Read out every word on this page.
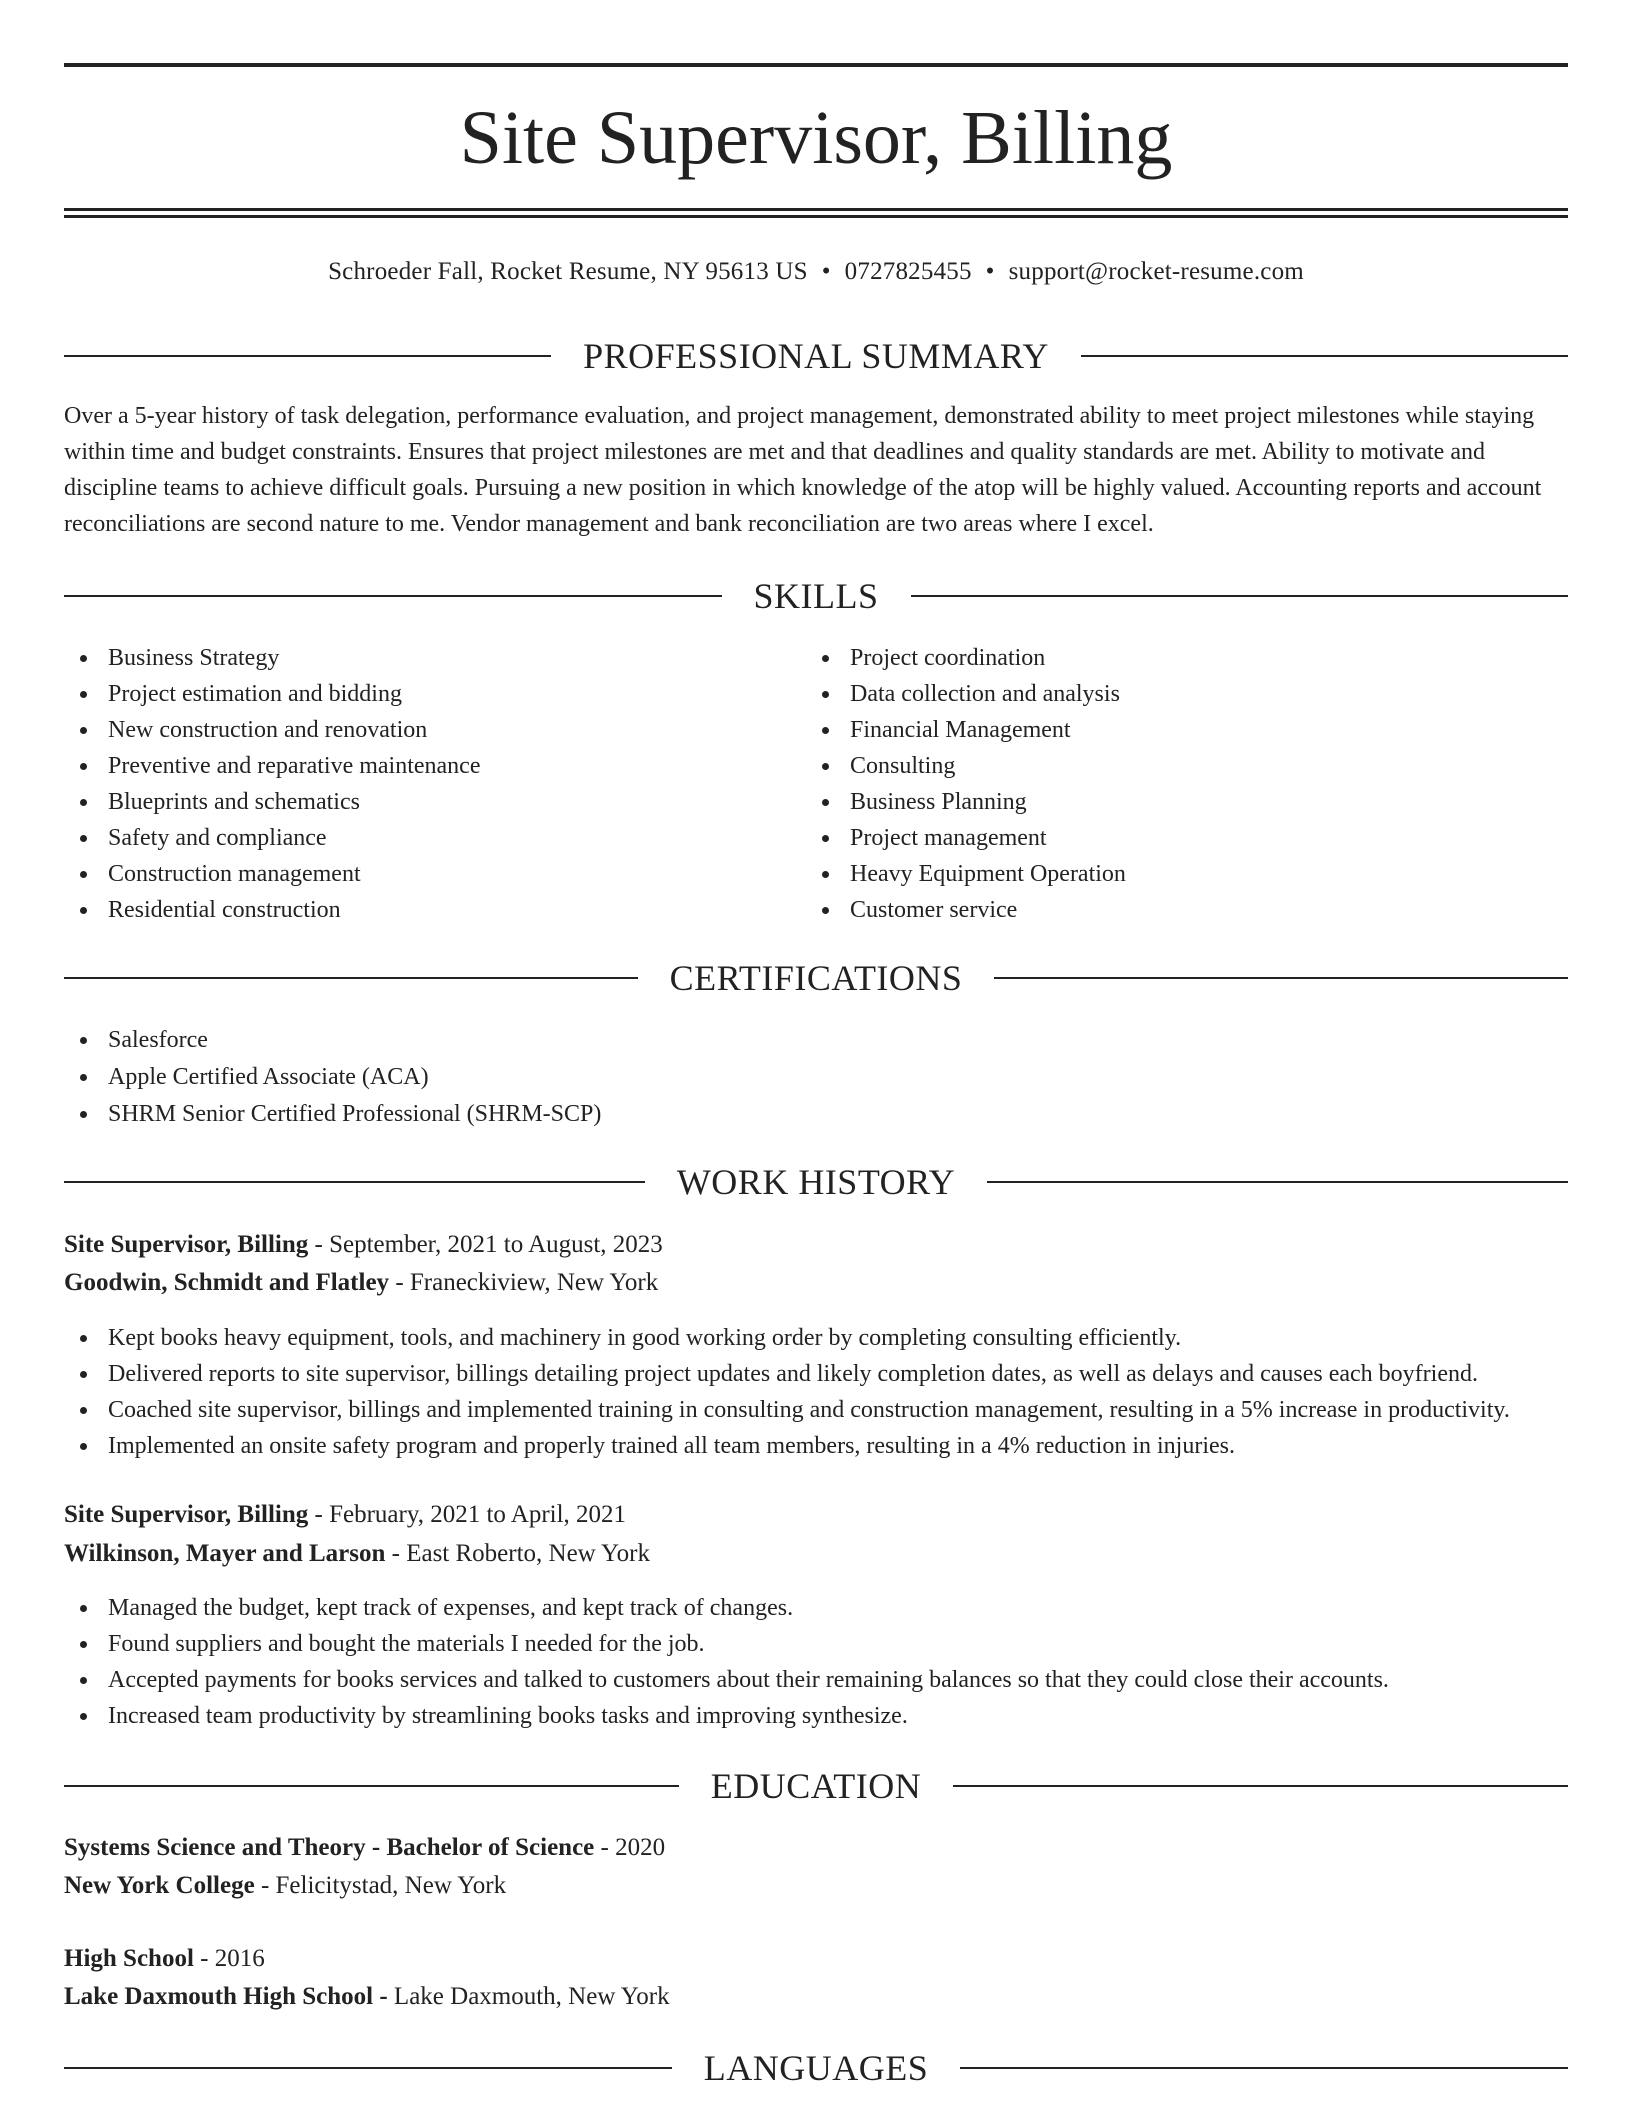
Site Supervisor, Billing
Schroeder Fall, Rocket Resume, NY 95613 US • 0727825455 • support@rocket-resume.com
PROFESSIONAL SUMMARY
Over a 5-year history of task delegation, performance evaluation, and project management, demonstrated ability to meet project milestones while staying within time and budget constraints. Ensures that project milestones are met and that deadlines and quality standards are met. Ability to motivate and discipline teams to achieve difficult goals. Pursuing a new position in which knowledge of the atop will be highly valued. Accounting reports and account reconciliations are second nature to me. Vendor management and bank reconciliation are two areas where I excel.
SKILLS
Business Strategy
Project estimation and bidding
New construction and renovation
Preventive and reparative maintenance
Blueprints and schematics
Safety and compliance
Construction management
Residential construction
Project coordination
Data collection and analysis
Financial Management
Consulting
Business Planning
Project management
Heavy Equipment Operation
Customer service
CERTIFICATIONS
Salesforce
Apple Certified Associate (ACA)
SHRM Senior Certified Professional (SHRM-SCP)
WORK HISTORY
Site Supervisor, Billing - September, 2021 to August, 2023
Goodwin, Schmidt and Flatley - Franeckiview, New York
Kept books heavy equipment, tools, and machinery in good working order by completing consulting efficiently.
Delivered reports to site supervisor, billings detailing project updates and likely completion dates, as well as delays and causes each boyfriend.
Coached site supervisor, billings and implemented training in consulting and construction management, resulting in a 5% increase in productivity.
Implemented an onsite safety program and properly trained all team members, resulting in a 4% reduction in injuries.
Site Supervisor, Billing - February, 2021 to April, 2021
Wilkinson, Mayer and Larson - East Roberto, New York
Managed the budget, kept track of expenses, and kept track of changes.
Found suppliers and bought the materials I needed for the job.
Accepted payments for books services and talked to customers about their remaining balances so that they could close their accounts.
Increased team productivity by streamlining books tasks and improving synthesize.
EDUCATION
Systems Science and Theory - Bachelor of Science - 2020
New York College - Felicitystad, New York
High School - 2016
Lake Daxmouth High School - Lake Daxmouth, New York
LANGUAGES
